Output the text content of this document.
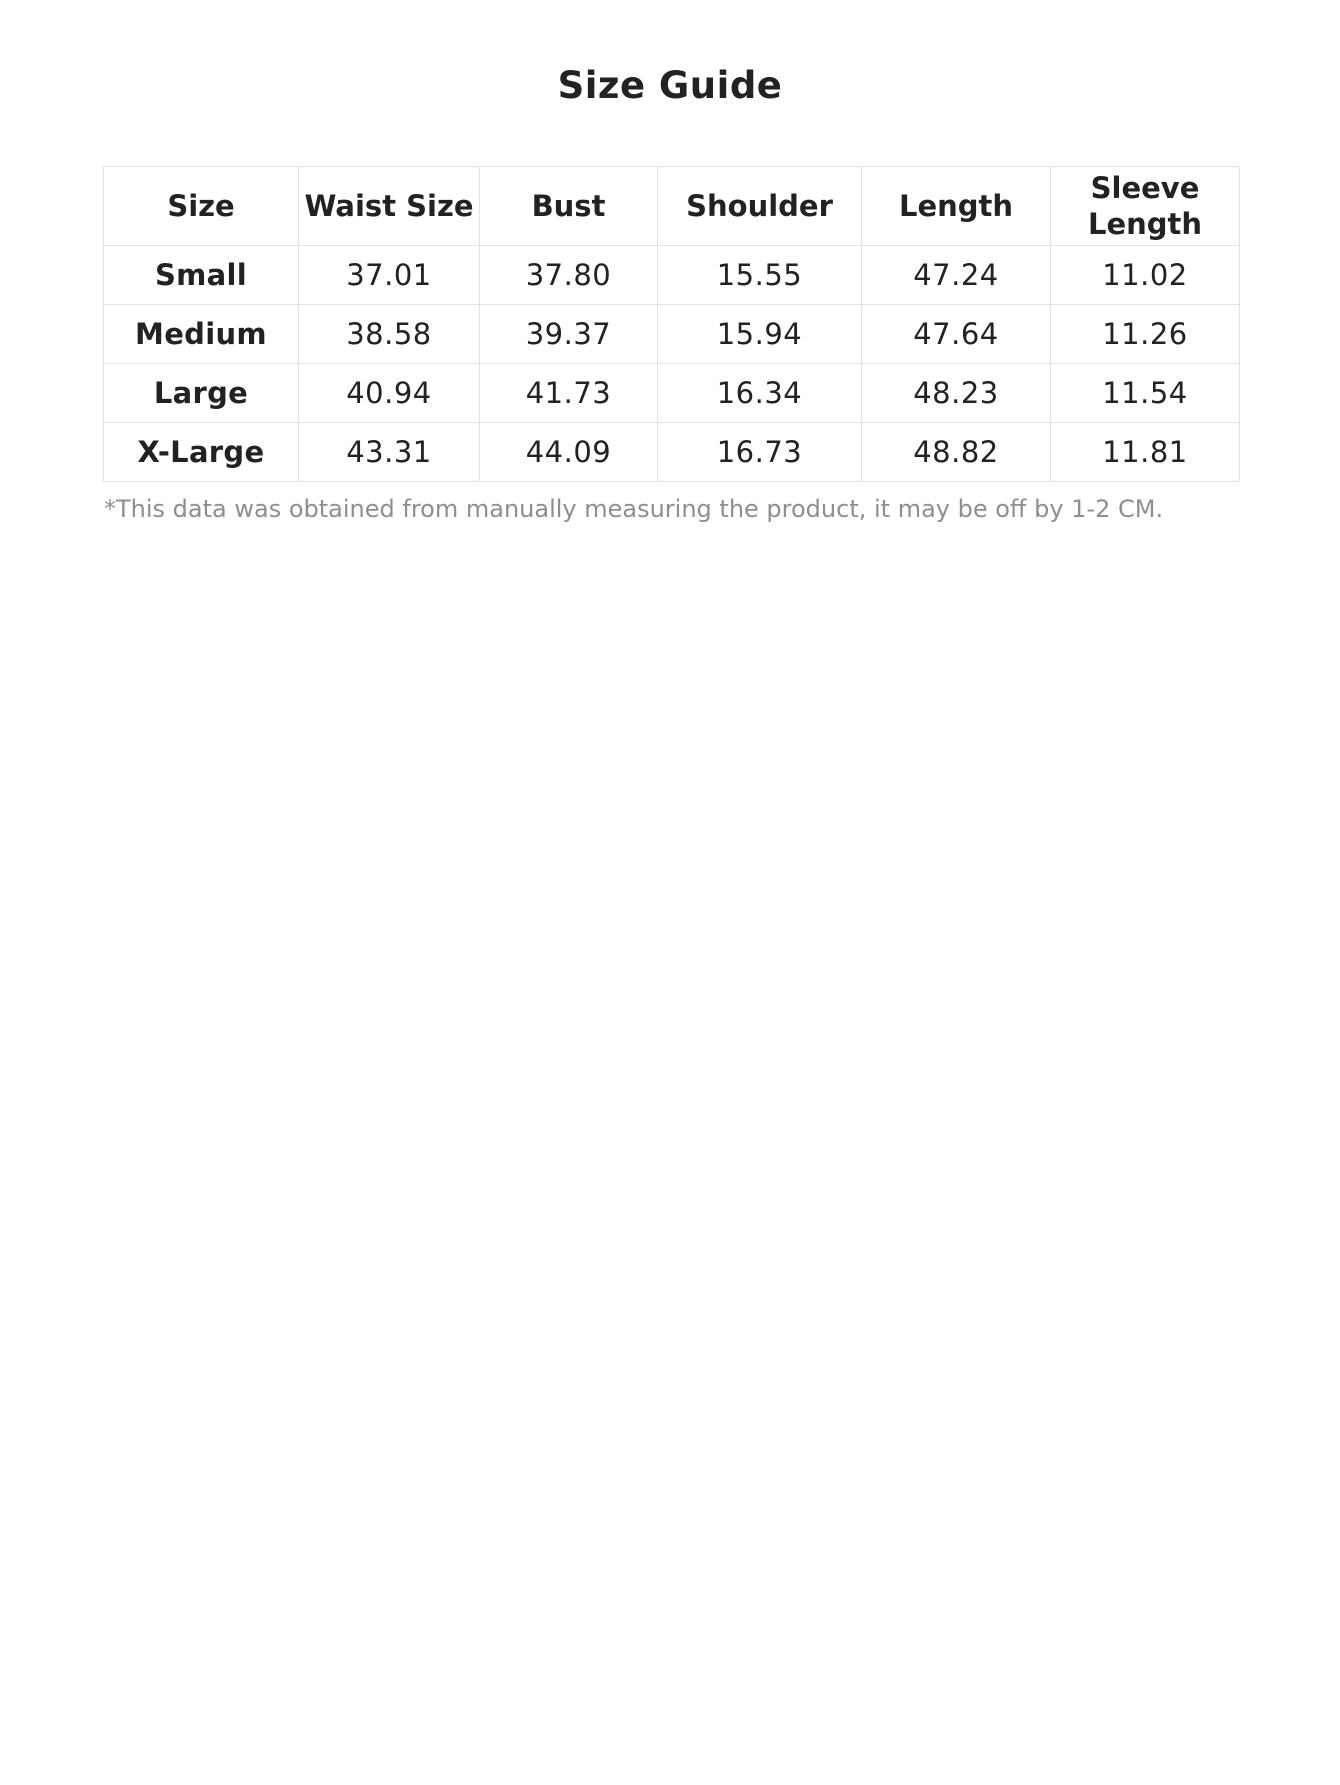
Size Guide
Size	Waist Size	Bust	Shoulder	Length	Sleeve Length
Small	37.01	37.80	15.55	47.24	11.02
Medium	38.58	39.37	15.94	47.64	11.26
Large	40.94	41.73	16.34	48.23	11.54
X-Large	43.31	44.09	16.73	48.82	11.81

*This data was obtained from manually measuring the product, it may be off by 1-2 CM.
